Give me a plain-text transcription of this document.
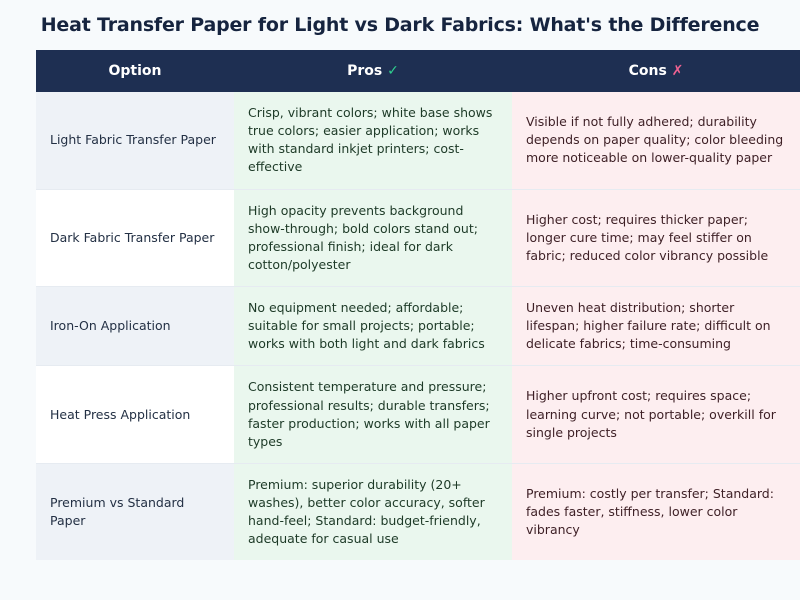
Heat Transfer Paper for Light vs Dark Fabrics: What's the Difference
Option	Pros ✓	Cons ✗
Light Fabric Transfer Paper	Crisp, vibrant colors; white base shows true colors; easier application; works with standard inkjet printers; cost-effective	Visible if not fully adhered; durability depends on paper quality; color bleeding more noticeable on lower-quality paper
Dark Fabric Transfer Paper	High opacity prevents background show-through; bold colors stand out; professional finish; ideal for dark cotton/polyester	Higher cost; requires thicker paper; longer cure time; may feel stiffer on fabric; reduced color vibrancy possible
Iron-On Application	No equipment needed; affordable; suitable for small projects; portable; works with both light and dark fabrics	Uneven heat distribution; shorter lifespan; higher failure rate; difficult on delicate fabrics; time-consuming
Heat Press Application	Consistent temperature and pressure; professional results; durable transfers; faster production; works with all paper types	Higher upfront cost; requires space; learning curve; not portable; overkill for single projects
Premium vs Standard Paper	Premium: superior durability (20+ washes), better color accuracy, softer hand-feel; Standard: budget-friendly, adequate for casual use	Premium: costly per transfer; Standard: fades faster, stiffness, lower color vibrancy
